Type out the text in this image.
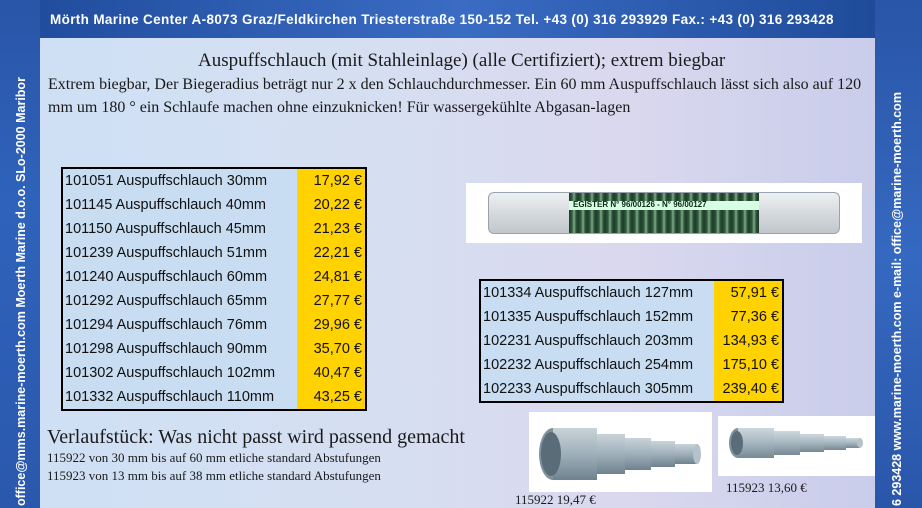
Mörth Marine Center A-8073 Graz/Feldkirchen Triesterstraße 150-152 Tel. +43 (0) 316 293929 Fax.: +43 (0) 316 293428
office@mms.marine-moerth.com Moerth Marine d.o.o. SLo-2000 Maribor	6 293428 www.marine-moerth.com e-mail: office@marine-moerth.com
Auspuffschlauch (mit Stahleinlage) (alle Certifiziert); extrem biegbar
Extrem biegbar, Der Biegeradius beträgt nur 2 x den Schlauchdurchmesser. Ein 60 mm Auspuffschlauch lässt sich also auf 120 mm um 180 ° ein Schlaufe machen ohne einzuknicken! Für wassergekühlte Abgasan-lagen
101051 Auspuffschlauch 30mm	17,92 €
101145 Auspuffschlauch 40mm	20,22 €
101150 Auspuffschlauch 45mm	21,23 €
101239 Auspuffschlauch 51mm	22,21 €
101240 Auspuffschlauch 60mm	24,81 €
101292 Auspuffschlauch 65mm	27,77 €
101294 Auspuffschlauch 76mm	29,96 €
101298 Auspuffschlauch 90mm	35,70 €
101302 Auspuffschlauch 102mm	40,47 €
101332 Auspuffschlauch 110mm	43,25 €
101334 Auspuffschlauch 127mm	57,91 €
101335 Auspuffschlauch 152mm	77,36 €
102231 Auspuffschlauch 203mm	134,93 €
102232 Auspuffschlauch 254mm	175,10 €
102233 Auspuffschlauch 305mm	239,40 €
EGISTER N° 96/00126 - N° 96/00127
Verlaufstück: Was nicht passt wird passend gemacht
115922 von 30 mm bis auf 60 mm etliche standard Abstufungen
115923 von 13 mm bis auf 38 mm etliche standard Abstufungen
115922 19,47 €
115923 13,60 €
